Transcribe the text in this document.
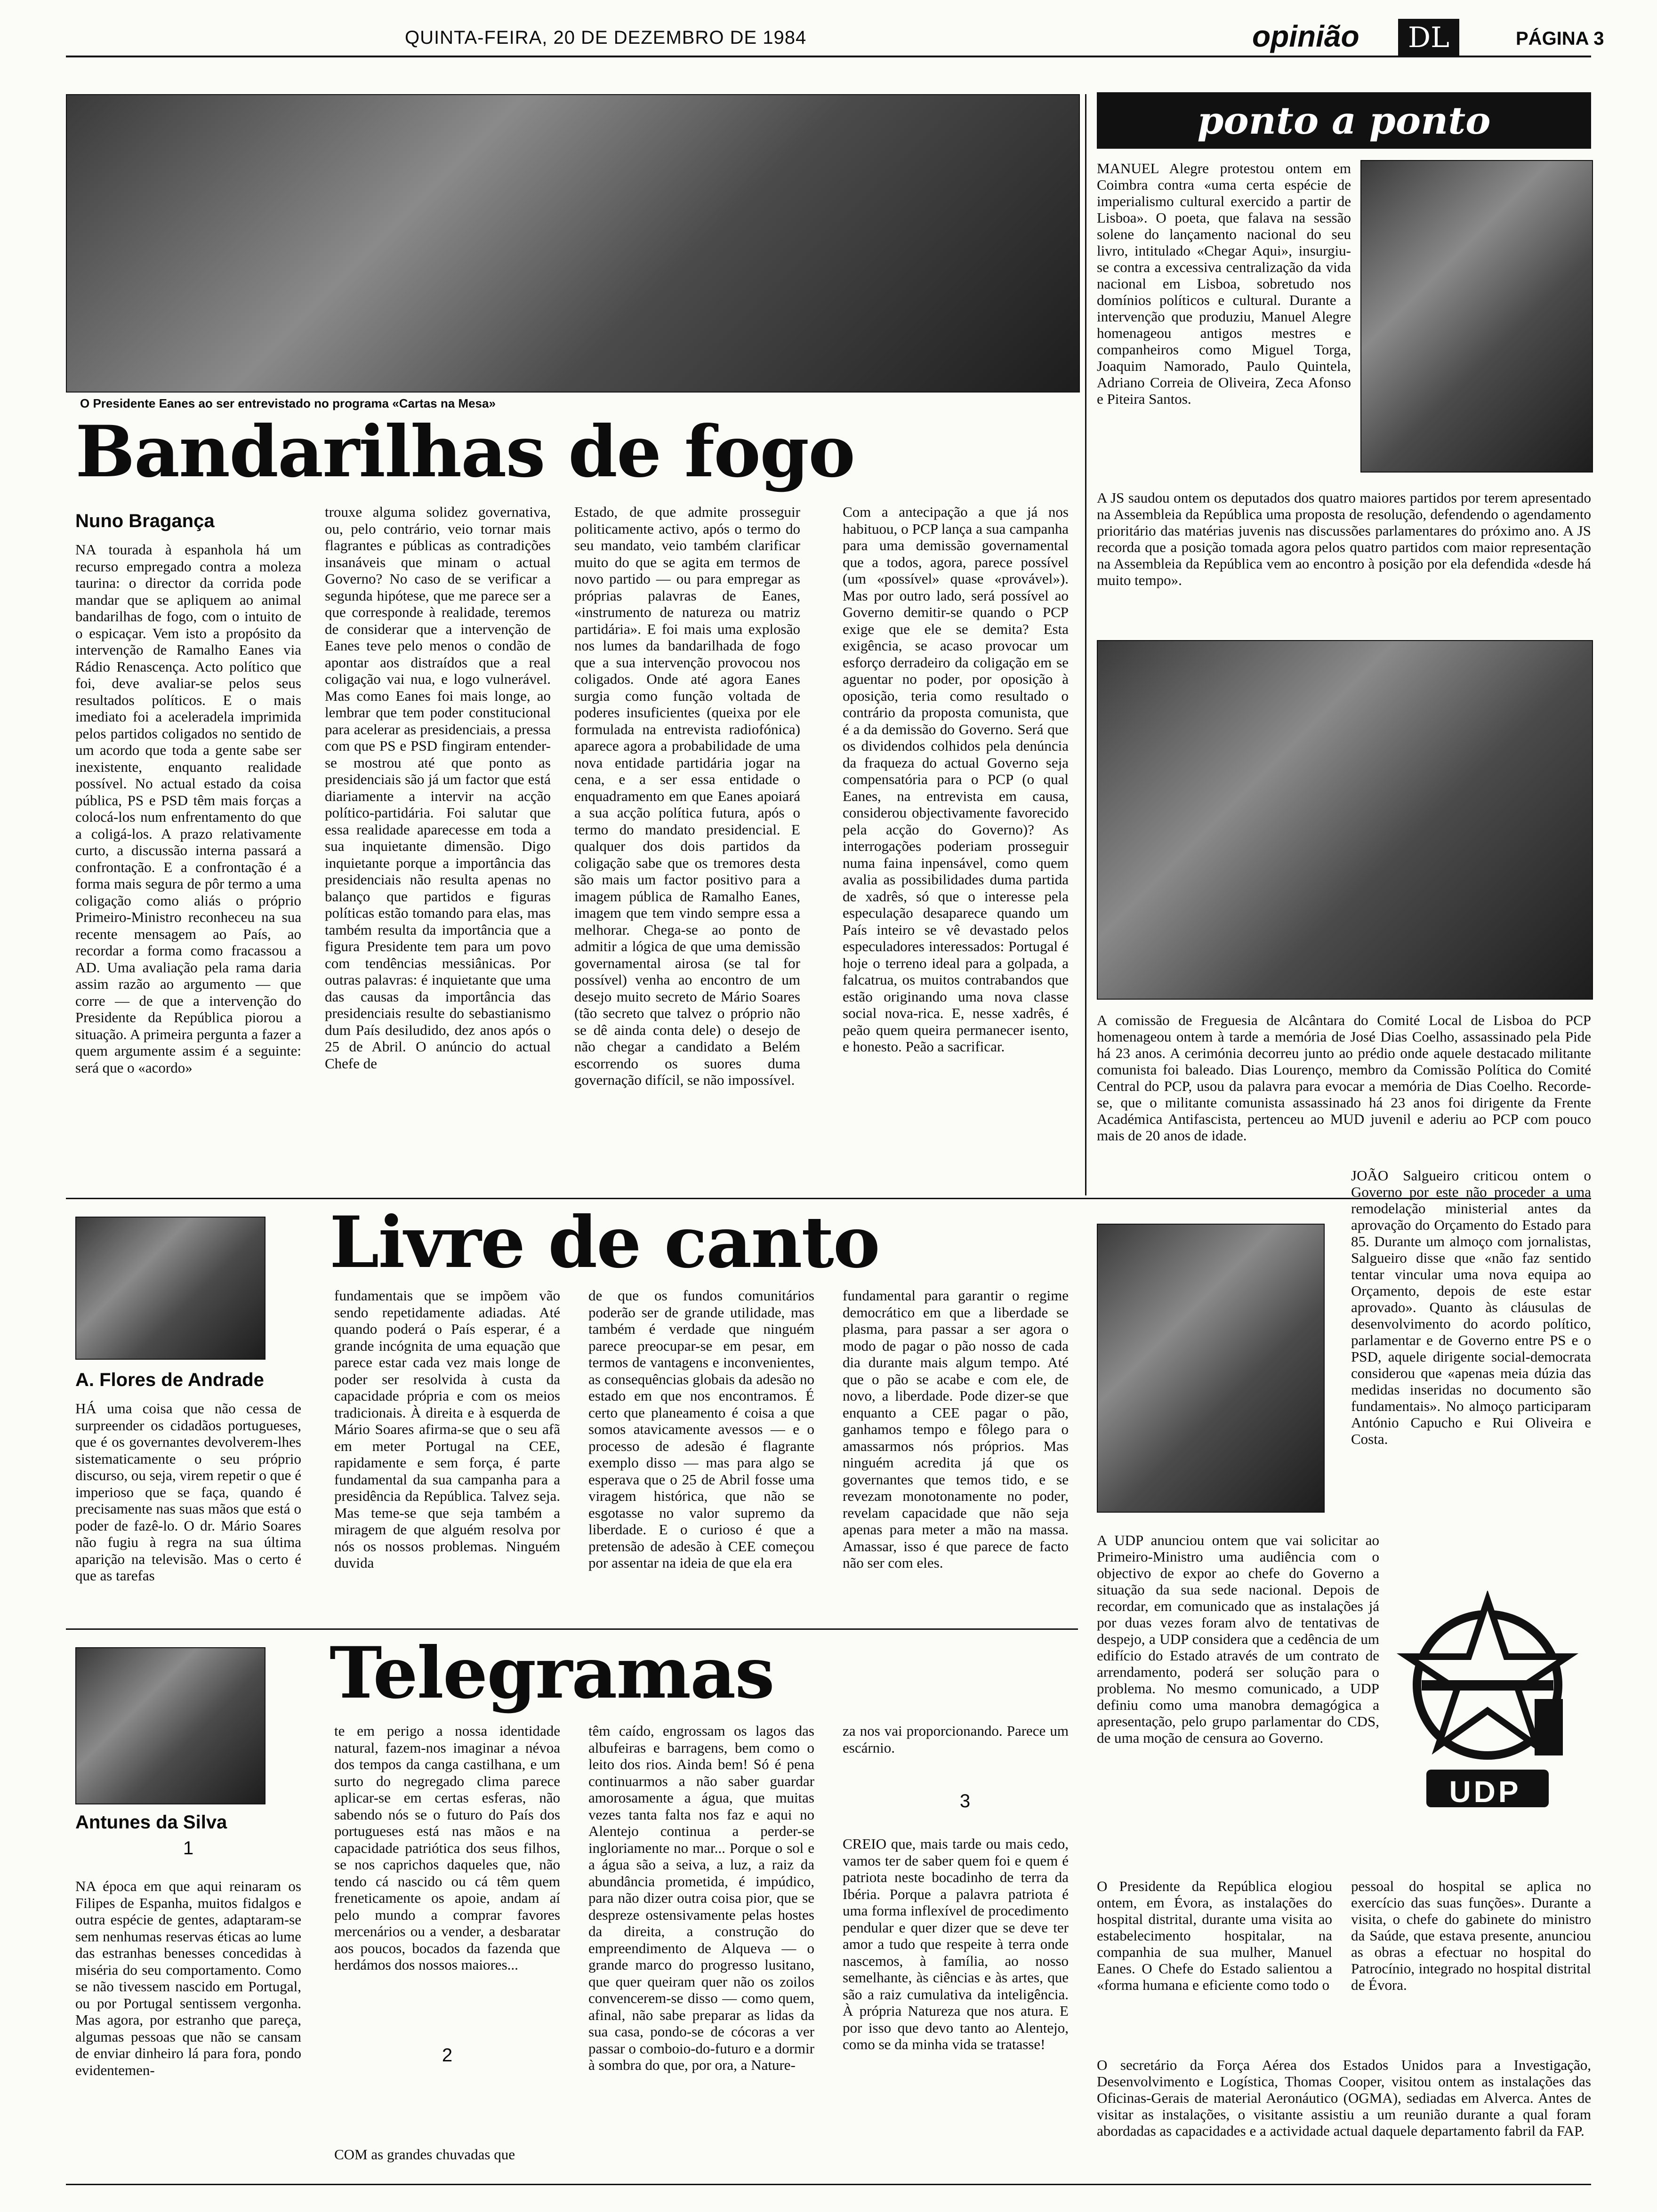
QUINTA-FEIRA, 20 DE DEZEMBRO DE 1984	opinião	DL	PÁGINA 3
O Presidente Eanes ao ser entrevistado no programa «Cartas na Mesa»
Bandarilhas de fogo
Nuno Bragança
NA tourada à espanhola há um recurso empregado contra a moleza taurina: o director da corrida pode mandar que se apliquem ao animal bandarilhas de fogo, com o intuito de o espicaçar. Vem isto a propósito da intervenção de Ramalho Eanes via Rádio Renascença. Acto político que foi, deve avaliar-se pelos seus resultados políticos. E o mais imediato foi a aceleradela imprimida pelos partidos coligados no sentido de um acordo que toda a gente sabe ser inexistente, enquanto realidade possível. No actual estado da coisa pública, PS e PSD têm mais forças a colocá-los num enfrentamento do que a coligá-los. A prazo relativamente curto, a discussão interna passará a confrontação. E a confrontação é a forma mais segura de pôr termo a uma coligação como aliás o próprio Primeiro-Ministro reconheceu na sua recente mensagem ao País, ao recordar a forma como fracassou a AD. Uma avaliação pela rama daria assim razão ao argumento — que corre — de que a intervenção do Presidente da República piorou a situação. A primeira pergunta a fazer a quem argumente assim é a seguinte: será que o «acordo»
trouxe alguma solidez governativa, ou, pelo contrário, veio tornar mais flagrantes e públicas as contradições insanáveis que minam o actual Governo? No caso de se verificar a segunda hipótese, que me parece ser a que corresponde à realidade, teremos de considerar que a intervenção de Eanes teve pelo menos o condão de apontar aos distraídos que a real coligação vai nua, e logo vulnerável. Mas como Eanes foi mais longe, ao lembrar que tem poder constitucional para acelerar as presidenciais, a pressa com que PS e PSD fingiram entender-se mostrou até que ponto as presidenciais são já um factor que está diariamente a intervir na acção político-partidária. Foi salutar que essa realidade aparecesse em toda a sua inquietante dimensão. Digo inquietante porque a importância das presidenciais não resulta apenas no balanço que partidos e figuras políticas estão tomando para elas, mas também resulta da importância que a figura Presidente tem para um povo com tendências messiânicas. Por outras palavras: é inquietante que uma das causas da importância das presidenciais resulte do sebastianismo dum País desiludido, dez anos após o 25 de Abril. O anúncio do actual Chefe de
Estado, de que admite prosseguir politicamente activo, após o termo do seu mandato, veio também clarificar muito do que se agita em termos de novo partido — ou para empregar as próprias palavras de Eanes, «instrumento de natureza ou matriz partidária». E foi mais uma explosão nos lumes da bandarilhada de fogo que a sua intervenção provocou nos coligados. Onde até agora Eanes surgia como função voltada de poderes insuficientes (queixa por ele formulada na entrevista radiofónica) aparece agora a probabilidade de uma nova entidade partidária jogar na cena, e a ser essa entidade o enquadramento em que Eanes apoiará a sua acção política futura, após o termo do mandato presidencial. E qualquer dos dois partidos da coligação sabe que os tremores desta são mais um factor positivo para a imagem pública de Ramalho Eanes, imagem que tem vindo sempre essa a melhorar. Chega-se ao ponto de admitir a lógica de que uma demissão governamental airosa (se tal for possível) venha ao encontro de um desejo muito secreto de Mário Soares (tão secreto que talvez o próprio não se dê ainda conta dele) o desejo de não chegar a candidato a Belém escorrendo os suores duma governação difícil, se não impossível.
Com a antecipação a que já nos habituou, o PCP lança a sua campanha para uma demissão governamental que a todos, agora, parece possível (um «possível» quase «provável»). Mas por outro lado, será possível ao Governo demitir-se quando o PCP exige que ele se demita? Esta exigência, se acaso provocar um esforço derradeiro da coligação em se aguentar no poder, por oposição à oposição, teria como resultado o contrário da proposta comunista, que é a da demissão do Governo. Será que os dividendos colhidos pela denúncia da fraqueza do actual Governo seja compensatória para o PCP (o qual Eanes, na entrevista em causa, considerou objectivamente favorecido pela acção do Governo)? As interrogações poderiam prosseguir numa faina inpensável, como quem avalia as possibilidades duma partida de xadrês, só que o interesse pela especulação desaparece quando um País inteiro se vê devastado pelos especuladores interessados: Portugal é hoje o terreno ideal para a golpada, a falcatrua, os muitos contrabandos que estão originando uma nova classe social nova-rica. E, nesse xadrês, é peão quem queira permanecer isento, e honesto. Peão a sacrificar.
ponto a ponto
MANUEL Alegre protestou ontem em Coimbra contra «uma certa espécie de imperialismo cultural exercido a partir de Lisboa». O poeta, que falava na sessão solene do lançamento nacional do seu livro, intitulado «Chegar Aqui», insurgiu-se contra a excessiva centralização da vida nacional em Lisboa, sobretudo nos domínios políticos e cultural. Durante a intervenção que produziu, Manuel Alegre homenageou antigos mestres e companheiros como Miguel Torga, Joaquim Namorado, Paulo Quintela, Adriano Correia de Oliveira, Zeca Afonso e Piteira Santos.
A JS saudou ontem os deputados dos quatro maiores partidos por terem apresentado na Assembleia da República uma proposta de resolução, defendendo o agendamento prioritário das matérias juvenis nas discussões parlamentares do próximo ano. A JS recorda que a posição tomada agora pelos quatro partidos com maior representação na Assembleia da República vem ao encontro à posição por ela defendida «desde há muito tempo».
A comissão de Freguesia de Alcântara do Comité Local de Lisboa do PCP homenageou ontem à tarde a memória de José Dias Coelho, assassinado pela Pide há 23 anos. A cerimónia decorreu junto ao prédio onde aquele destacado militante comunista foi baleado. Dias Lourenço, membro da Comissão Política do Comité Central do PCP, usou da palavra para evocar a memória de Dias Coelho. Recorde-se, que o militante comunista assassinado há 23 anos foi dirigente da Frente Académica Antifascista, pertenceu ao MUD juvenil e aderiu ao PCP com pouco mais de 20 anos de idade.
Livre de canto
A. Flores de Andrade
HÁ uma coisa que não cessa de surpreender os cidadãos portugueses, que é os governantes devolverem-lhes sistematicamente o seu próprio discurso, ou seja, virem repetir o que é imperioso que se faça, quando é precisamente nas suas mãos que está o poder de fazê-lo. O dr. Mário Soares não fugiu à regra na sua última aparição na televisão. Mas o certo é que as tarefas
fundamentais que se impõem vão sendo repetidamente adiadas. Até quando poderá o País esperar, é a grande incógnita de uma equação que parece estar cada vez mais longe de poder ser resolvida à custa da capacidade própria e com os meios tradicionais. À direita e à esquerda de Mário Soares afirma-se que o seu afã em meter Portugal na CEE, rapidamente e sem força, é parte fundamental da sua campanha para a presidência da República. Talvez seja. Mas teme-se que seja também a miragem de que alguém resolva por nós os nossos problemas. Ninguém duvida
de que os fundos comunitários poderão ser de grande utilidade, mas também é verdade que ninguém parece preocupar-se em pesar, em termos de vantagens e inconvenientes, as consequências globais da adesão no estado em que nos encontramos. É certo que planeamento é coisa a que somos atavicamente avessos — e o processo de adesão é flagrante exemplo disso — mas para algo se esperava que o 25 de Abril fosse uma viragem histórica, que não se esgotasse no valor supremo da liberdade. E o curioso é que a pretensão de adesão à CEE começou por assentar na ideia de que ela era
fundamental para garantir o regime democrático em que a liberdade se plasma, para passar a ser agora o modo de pagar o pão nosso de cada dia durante mais algum tempo. Até que o pão se acabe e com ele, de novo, a liberdade. Pode dizer-se que enquanto a CEE pagar o pão, ganhamos tempo e fôlego para o amassarmos nós próprios. Mas ninguém acredita já que os governantes que temos tido, e se revezam monotonamente no poder, revelam capacidade que não seja apenas para meter a mão na massa. Amassar, isso é que parece de facto não ser com eles.
JOÃO Salgueiro criticou ontem o Governo por este não proceder a uma remodelação ministerial antes da aprovação do Orçamento do Estado para 85. Durante um almoço com jornalistas, Salgueiro disse que «não faz sentido tentar vincular uma nova equipa ao Orçamento, depois de este estar aprovado». Quanto às cláusulas de desenvolvimento do acordo político, parlamentar e de Governo entre PS e o PSD, aquele dirigente social-democrata considerou que «apenas meia dúzia das medidas inseridas no documento são fundamentais». No almoço participaram António Capucho e Rui Oliveira e Costa.
A UDP anunciou ontem que vai solicitar ao Primeiro-Ministro uma audiência com o objectivo de expor ao chefe do Governo a situação da sua sede nacional. Depois de recordar, em comunicado que as instalações já por duas vezes foram alvo de tentativas de despejo, a UDP considera que a cedência de um edifício do Estado através de um contrato de arrendamento, poderá ser solução para o problema. No mesmo comunicado, a UDP definiu como uma manobra demagógica a apresentação, pelo grupo parlamentar do CDS, de uma moção de censura ao Governo.
UDP
Telegramas
Antunes da Silva
1
NA época em que aqui reinaram os Filipes de Espanha, muitos fidalgos e outra espécie de gentes, adaptaram-se sem nenhumas reservas éticas ao lume das estranhas benesses concedidas à miséria do seu comportamento. Como se não tivessem nascido em Portugal, ou por Portugal sentissem vergonha. Mas agora, por estranho que pareça, algumas pessoas que não se cansam de enviar dinheiro lá para fora, pondo evidentemen-
te em perigo a nossa identidade natural, fazem-nos imaginar a névoa dos tempos da canga castilhana, e um surto do negregado clima parece aplicar-se em certas esferas, não sabendo nós se o futuro do País dos portugueses está nas mãos e na capacidade patriótica dos seus filhos, se nos caprichos daqueles que, não tendo cá nascido ou cá têm quem freneticamente os apoie, andam aí pelo mundo a comprar favores mercenários ou a vender, a desbaratar aos poucos, bocados da fazenda que herdámos dos nossos maiores...
2
COM as grandes chuvadas que
têm caído, engrossam os lagos das albufeiras e barragens, bem como o leito dos rios. Ainda bem! Só é pena continuarmos a não saber guardar amorosamente a água, que muitas vezes tanta falta nos faz e aqui no Alentejo continua a perder-se ingloriamente no mar... Porque o sol e a água são a seiva, a luz, a raiz da abundância prometida, é impúdico, para não dizer outra coisa pior, que se despreze ostensivamente pelas hostes da direita, a construção do empreendimento de Alqueva — o grande marco do progresso lusitano, que quer queiram quer não os zoilos convencerem-se disso — como quem, afinal, não sabe preparar as lidas da sua casa, pondo-se de cócoras a ver passar o comboio-do-futuro e a dormir à sombra do que, por ora, a Nature-
za nos vai proporcionando. Parece um escárnio.
3
CREIO que, mais tarde ou mais cedo, vamos ter de saber quem foi e quem é patriota neste bocadinho de terra da Ibéria. Porque a palavra patriota é uma forma inflexível de procedimento pendular e quer dizer que se deve ter amor a tudo que respeite à terra onde nascemos, à família, ao nosso semelhante, às ciências e às artes, que são a raiz cumulativa da inteligência. À própria Natureza que nos atura. E por isso que devo tanto ao Alentejo, como se da minha vida se tratasse!
O Presidente da República elogiou ontem, em Évora, as instalações do hospital distrital, durante uma visita ao estabelecimento hospitalar, na companhia de sua mulher, Manuel Eanes. O Chefe do Estado salientou a «forma humana e eficiente como todo o
pessoal do hospital se aplica no exercício das suas funções». Durante a visita, o chefe do gabinete do ministro da Saúde, que estava presente, anunciou as obras a efectuar no hospital do Patrocínio, integrado no hospital distrital de Évora.
O secretário da Força Aérea dos Estados Unidos para a Investigação, Desenvolvimento e Logística, Thomas Cooper, visitou ontem as instalações das Oficinas-Gerais de material Aeronáutico (OGMA), sediadas em Alverca. Antes de visitar as instalações, o visitante assistiu a um reunião durante a qual foram abordadas as capacidades e a actividade actual daquele departamento fabril da FAP.
